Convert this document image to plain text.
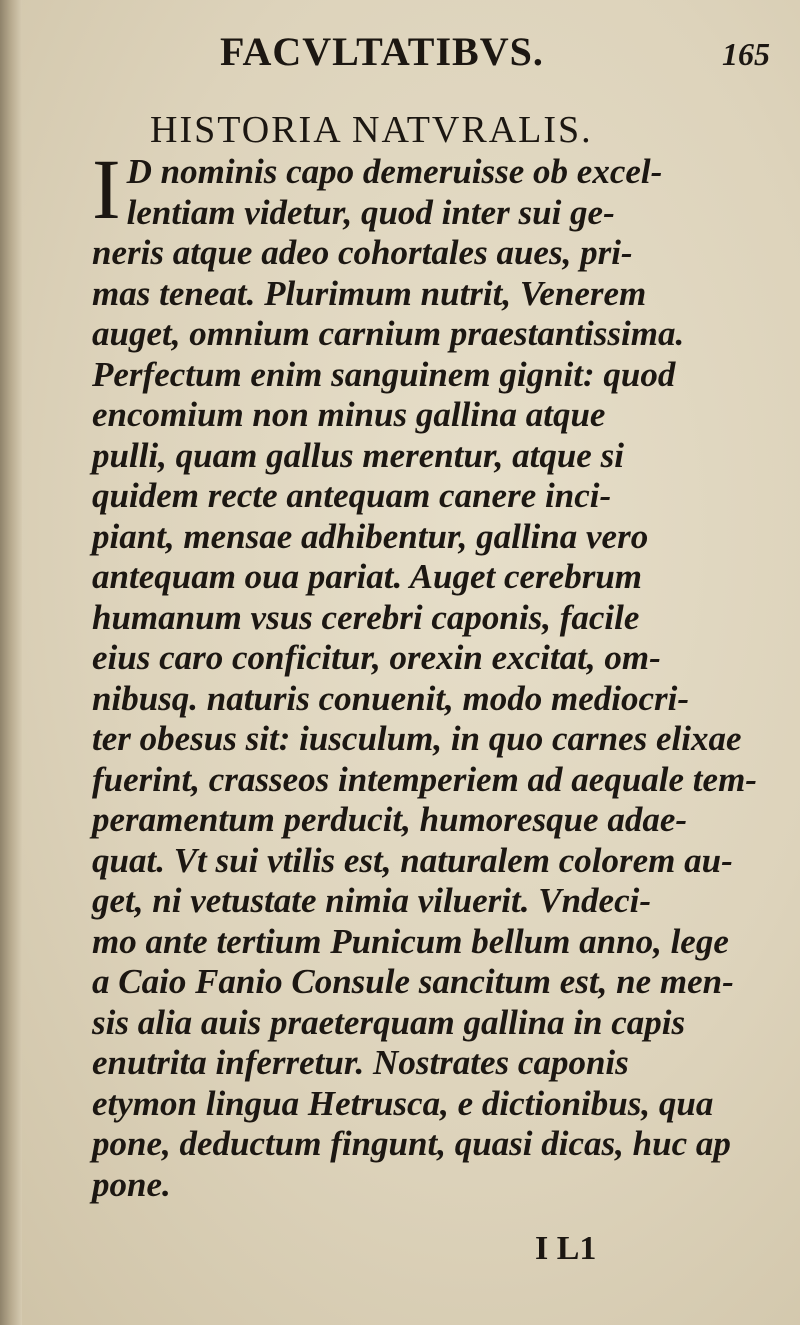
FACVLTATIBVS.	165
HISTORIA NATVRALIS.
I D nominis capo demeruisse ob excel-
lentiam videtur, quod inter sui ge-
neris atque adeo cohortales aues, pri-
mas teneat. Plurimum nutrit, Venerem
auget, omnium carnium praestantissima.
Perfectum enim sanguinem gignit: quod
encomium non minus gallina atque
pulli, quam gallus merentur, atque si
quidem recte antequam canere inci-
piant, mensae adhibentur, gallina vero
antequam oua pariat. Auget cerebrum
humanum vsus cerebri caponis, facile
eius caro conficitur, orexin excitat, om-
nibusq. naturis conuenit, modo mediocri-
ter obesus sit: iusculum, in quo carnes elixae
fuerint, crasseos intemperiem ad aequale tem-
peramentum perducit, humoresque adae-
quat. Vt sui vtilis est, naturalem colorem au-
get, ni vetustate nimia viluerit. Vndeci-
mo ante tertium Punicum bellum anno, lege
a Caio Fanio Consule sancitum est, ne men-
sis alia auis praeterquam gallina in capis
enutrita inferretur. Nostrates caponis
etymon lingua Hetrusca, e dictionibus, qua
pone, deductum fingunt, quasi dicas, huc ap
pone.
I L1
